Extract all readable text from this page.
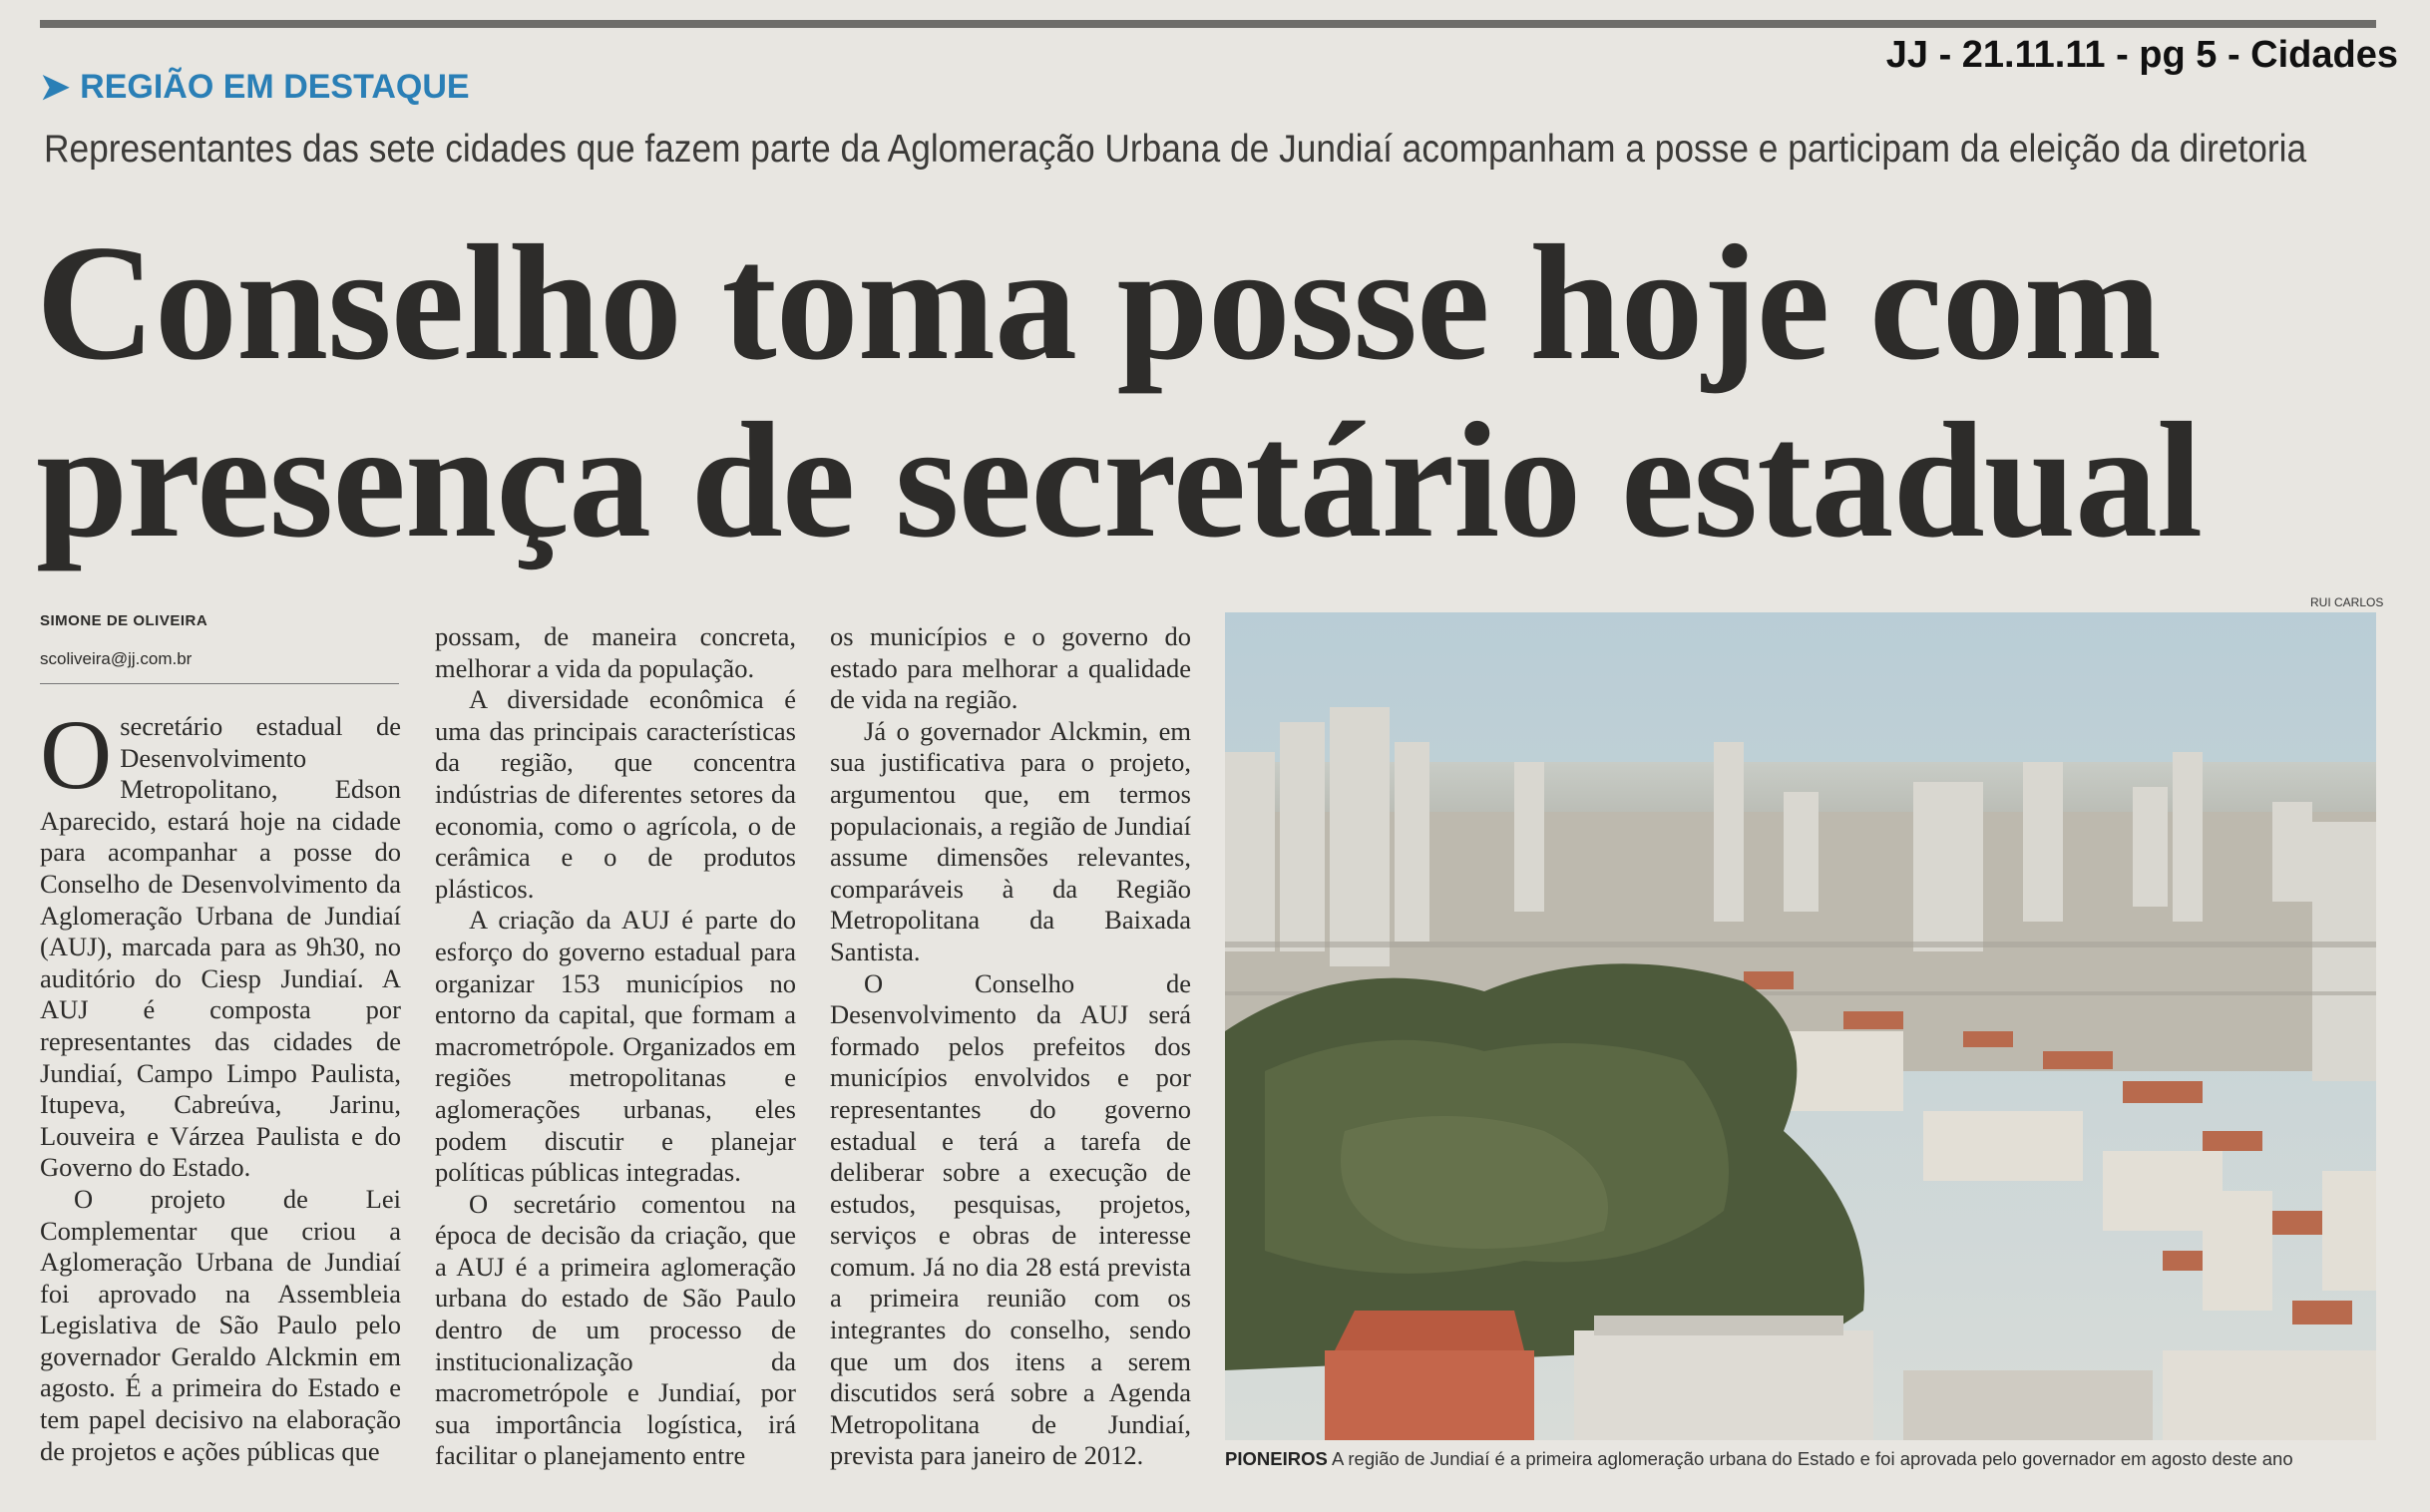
JJ - 21.11.11 - pg 5 - Cidades
➤ REGIÃO EM DESTAQUE
Representantes das sete cidades que fazem parte da Aglomeração Urbana de Jundiaí acompanham a posse e participam da eleição da diretoria
Conselho toma posse hoje com
presença de secretário estadual
SIMONE DE OLIVEIRA
scoliveira@jj.com.br

Osecretário estadual de Desenvolvimento Metropolitano, Edson Aparecido, estará hoje na cidade para acompanhar a posse do Conselho de Desenvolvimento da Aglomeração Urbana de Jundiaí (AUJ), marcada para as 9h30, no auditório do Ciesp Jundiaí. A AUJ é composta por representantes das cidades de Jundiaí, Campo Limpo Paulista, Itupeva, Cabreúva, Jarinu, Louveira e Várzea Paulista e do Governo do Estado.

O projeto de Lei Complementar que criou a Aglomeração Urbana de Jundiaí foi aprovado na Assembleia Legislativa de São Paulo pelo governador Geraldo Alckmin em agosto. É a primeira do Estado e tem papel decisivo na elaboração de projetos e ações públicas que

possam, de maneira concreta, melhorar a vida da população.

A diversidade econômica é uma das principais características da região, que concentra indústrias de diferentes setores da economia, como o agrícola, o de cerâmica e o de produtos plásticos.

A criação da AUJ é parte do esforço do governo estadual para organizar 153 municípios no entorno da capital, que formam a macrometrópole. Organizados em regiões metropolitanas e aglomerações urbanas, eles podem discutir e planejar políticas públicas integradas.

O secretário comentou na época de decisão da criação, que a AUJ é a primeira aglomeração urbana do estado de São Paulo dentro de um processo de institucionalização da macrometrópole e Jundiaí, por sua importância logística, irá facilitar o planejamento entre

os municípios e o governo do estado para melhorar a qualidade de vida na região.

Já o governador Alckmin, em sua justificativa para o projeto, argumentou que, em termos populacionais, a região de Jundiaí assume dimensões relevantes, comparáveis à da Região Metropolitana da Baixada Santista.

O Conselho de Desenvolvimento da AUJ será formado pelos prefeitos dos municípios envolvidos e por representantes do governo estadual e terá a tarefa de deliberar sobre a execução de estudos, pesquisas, projetos, serviços e obras de interesse comum. Já no dia 28 está prevista a primeira reunião com os integrantes do conselho, sendo que um dos itens a serem discutidos será sobre a Agenda Metropolitana de Jundiaí, prevista para janeiro de 2012.

RUI CARLOS
PIONEIROS A região de Jundiaí é a primeira aglomeração urbana do Estado e foi aprovada pelo governador em agosto deste ano
